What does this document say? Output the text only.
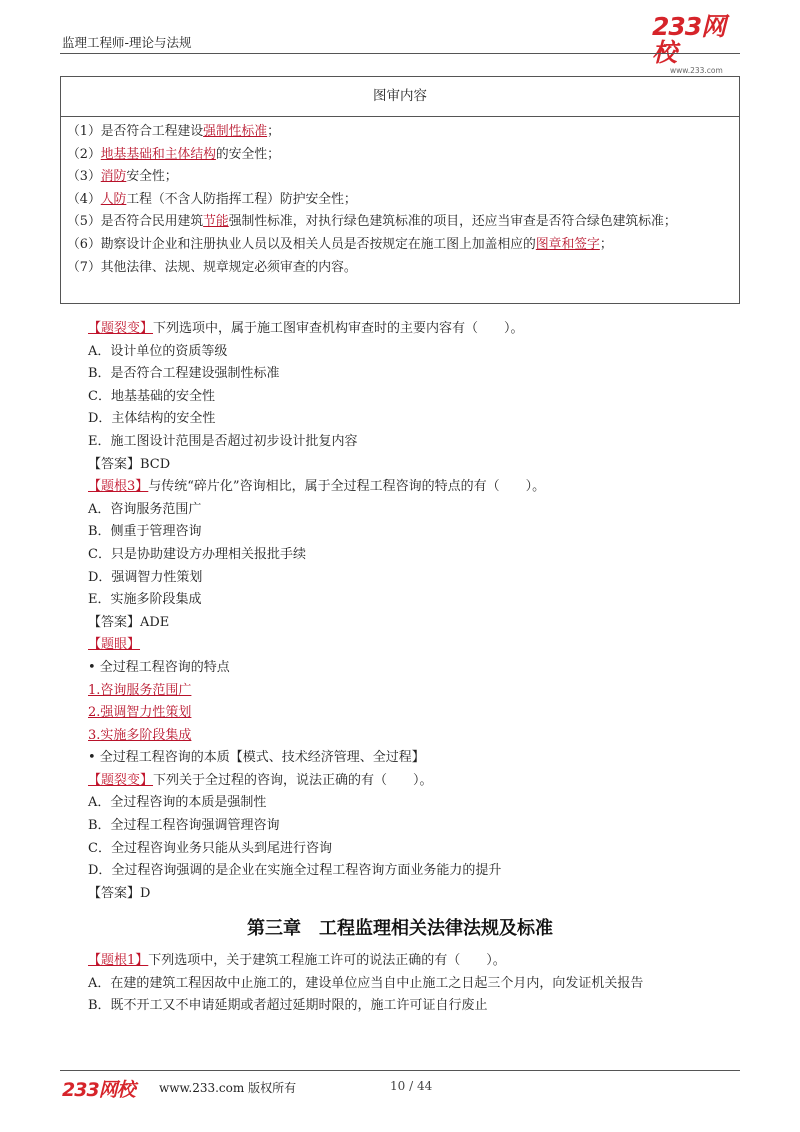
监理工程师-理论与法规
233网校
www.233.com
图审内容
（1）是否符合工程建设强制性标准；
（2）地基基础和主体结构的安全性；
（3）消防安全性；
（4）人防工程（不含人防指挥工程）防护安全性；
（5）是否符合民用建筑节能强制性标准，对执行绿色建筑标准的项目，还应当审查是否符合绿色建筑标准；
（6）勘察设计企业和注册执业人员以及相关人员是否按规定在施工图上加盖相应的图章和签字；
（7）其他法律、法规、规章规定必须审查的内容。
【题裂变】下列选项中，属于施工图审查机构审查时的主要内容有（　　）。
A．设计单位的资质等级
B．是否符合工程建设强制性标准
C．地基基础的安全性
D．主体结构的安全性
E．施工图设计范围是否超过初步设计批复内容
【答案】BCD
【题根3】与传统“碎片化”咨询相比，属于全过程工程咨询的特点的有（　　）。
A．咨询服务范围广
B．侧重于管理咨询
C．只是协助建设方办理相关报批手续
D．强调智力性策划
E．实施多阶段集成
【答案】ADE
【题眼】
• 全过程工程咨询的特点
1.咨询服务范围广
2.强调智力性策划
3.实施多阶段集成
• 全过程工程咨询的本质【模式、技术经济管理、全过程】
【题裂变】下列关于全过程的咨询，说法正确的有（　　）。
A．全过程咨询的本质是强制性
B．全过程工程咨询强调管理咨询
C．全过程咨询业务只能从头到尾进行咨询
D．全过程咨询强调的是企业在实施全过程工程咨询方面业务能力的提升
【答案】D
第三章　工程监理相关法律法规及标准
【题根1】下列选项中，关于建筑工程施工许可的说法正确的有（　　）。
A．在建的建筑工程因故中止施工的，建设单位应当自中止施工之日起三个月内，向发证机关报告
B．既不开工又不申请延期或者超过延期时限的，施工许可证自行废止
233网校 www.233.com 版权所有	10 / 44
